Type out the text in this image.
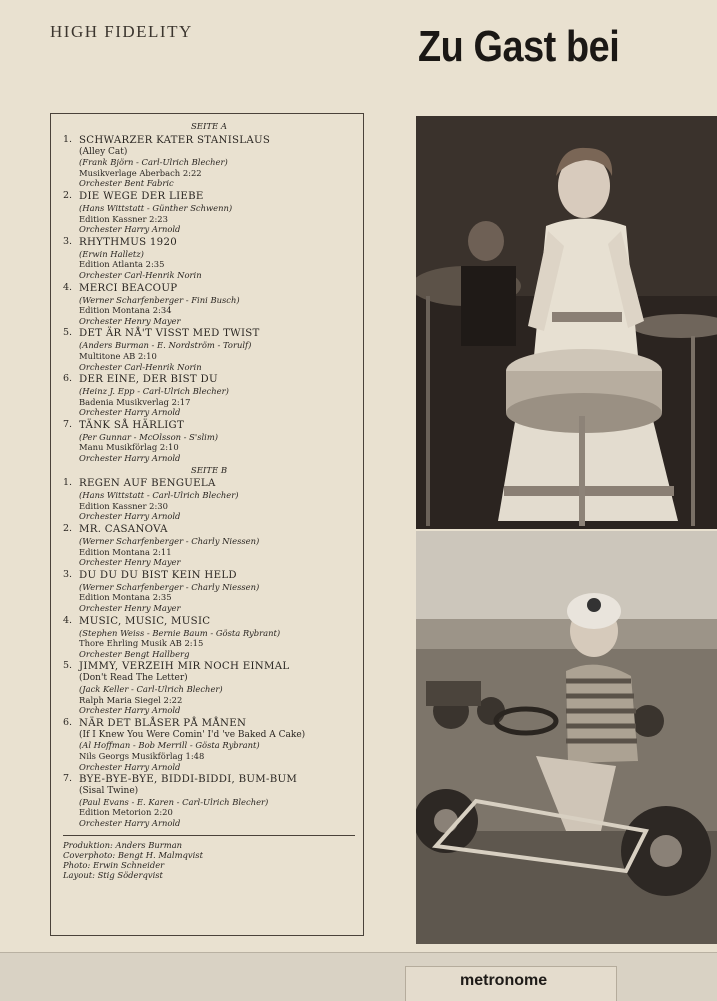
HIGH FIDELITY	Zu Gast bei
SEITE A
1. SCHWARZER KATER STANISLAUS
(Alley Cat)
(Frank Björn - Carl-Ulrich Blecher)
Musikverlage Aberbach 2:22
Orchester Bent Fabric
2. DIE WEGE DER LIEBE
(Hans Wittstatt - Günther Schwenn)
Edition Kassner 2:23
Orchester Harry Arnold
3. RHYTHMUS 1920
(Erwin Halletz)
Edition Atlanta 2:35
Orchester Carl-Henrik Norin
4. MERCI BEACOUP
(Werner Scharfenberger - Fini Busch)
Edition Montana 2:34
Orchester Henry Mayer
5. DET ÄR NÅ'T VISST MED TWIST
(Anders Burman - E. Nordström - Torulf)
Multitone AB 2:10
Orchester Carl-Henrik Norin
6. DER EINE, DER BIST DU
(Heinz J. Epp - Carl-Ulrich Blecher)
Badenia Musikverlag 2:17
Orchester Harry Arnold
7. TÄNK SÅ HÄRLIGT
(Per Gunnar - McOlsson - S'slim)
Manu Musikförlag 2:10
Orchester Harry Arnold
SEITE B
1. REGEN AUF BENGUELA
(Hans Wittstatt - Carl-Ulrich Blecher)
Edition Kassner 2:30
Orchester Harry Arnold
2. MR. CASANOVA
(Werner Scharfenberger - Charly Niessen)
Edition Montana 2:11
Orchester Henry Mayer
3. DU DU DU BIST KEIN HELD
(Werner Scharfenberger - Charly Niessen)
Edition Montana 2:35
Orchester Henry Mayer
4. MUSIC, MUSIC, MUSIC
(Stephen Weiss - Bernie Baum - Gösta Rybrant)
Thore Ehrling Musik AB 2:15
Orchester Bengt Hallberg
5. JIMMY, VERZEIH MIR NOCH EINMAL
(Don't Read The Letter)
(Jack Keller - Carl-Ulrich Blecher)
Ralph Maria Siegel 2:22
Orchester Harry Arnold
6. NÄR DET BLÅSER PÅ MÅNEN
(If I Knew You Were Comin' I'd 've Baked A Cake)
(Al Hoffman - Bob Merrill - Gösta Rybrant)
Nils Georgs Musikförlag 1:48
Orchester Harry Arnold
7. BYE-BYE-BYE, BIDDI-BIDDI, BUM-BUM
(Sisal Twine)
(Paul Evans - E. Karen - Carl-Ulrich Blecher)
Edition Metorion 2:20
Orchester Harry Arnold
Produktion: Anders Burman
Coverphoto: Bengt H. Malmqvist
Photo: Erwin Schneider
Layout: Stig Söderqvist
metronome
